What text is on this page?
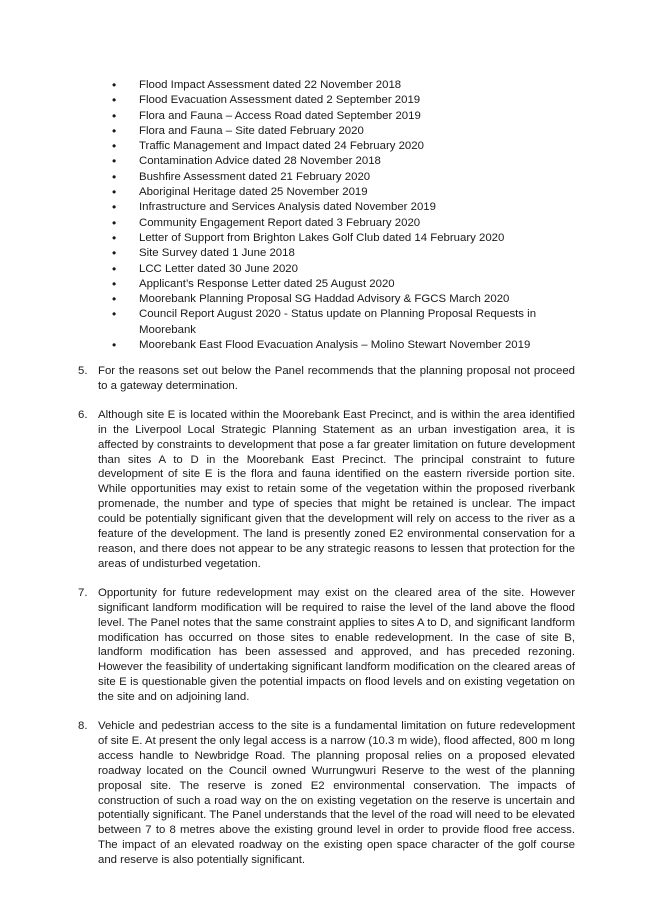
• Flood Impact Assessment dated 22 November 2018
• Flood Evacuation Assessment dated 2 September 2019
• Flora and Fauna – Access Road dated September 2019
• Flora and Fauna – Site dated February 2020
• Traffic Management and Impact dated 24 February 2020
• Contamination Advice dated 28 November 2018
• Bushfire Assessment dated 21 February 2020
• Aboriginal Heritage dated 25 November 2019
• Infrastructure and Services Analysis dated November 2019
• Community Engagement Report dated 3 February 2020
• Letter of Support from Brighton Lakes Golf Club dated 14 February 2020
• Site Survey dated 1 June 2018
• LCC Letter dated 30 June 2020
• Applicant’s Response Letter dated 25 August 2020
• Moorebank Planning Proposal SG Haddad Advisory & FGCS March 2020
• Council Report August 2020 - Status update on Planning Proposal Requests in Moorebank
• Moorebank East Flood Evacuation Analysis – Molino Stewart November 2019
5. For the reasons set out below the Panel recommends that the planning proposal not proceed to a gateway determination.
6. Although site E is located within the Moorebank East Precinct, and is within the area identified in the Liverpool Local Strategic Planning Statement as an urban investigation area, it is affected by constraints to development that pose a far greater limitation on future development than sites A to D in the Moorebank East Precinct. The principal constraint to future development of site E is the flora and fauna identified on the eastern riverside portion site. While opportunities may exist to retain some of the vegetation within the proposed riverbank promenade, the number and type of species that might be retained is unclear. The impact could be potentially significant given that the development will rely on access to the river as a feature of the development. The land is presently zoned E2 environmental conservation for a reason, and there does not appear to be any strategic reasons to lessen that protection for the areas of undisturbed vegetation.
7. Opportunity for future redevelopment may exist on the cleared area of the site. However significant landform modification will be required to raise the level of the land above the flood level. The Panel notes that the same constraint applies to sites A to D, and significant landform modification has occurred on those sites to enable redevelopment. In the case of site B, landform modification has been assessed and approved, and has preceded rezoning. However the feasibility of undertaking significant landform modification on the cleared areas of site E is questionable given the potential impacts on flood levels and on existing vegetation on the site and on adjoining land.
8. Vehicle and pedestrian access to the site is a fundamental limitation on future redevelopment of site E. At present the only legal access is a narrow (10.3 m wide), flood affected, 800 m long access handle to Newbridge Road. The planning proposal relies on a proposed elevated roadway located on the Council owned Wurrungwuri Reserve to the west of the planning proposal site. The reserve is zoned E2 environmental conservation. The impacts of construction of such a road way on the on existing vegetation on the reserve is uncertain and potentially significant. The Panel understands that the level of the road will need to be elevated between 7 to 8 metres above the existing ground level in order to provide flood free access. The impact of an elevated roadway on the existing open space character of the golf course and reserve is also potentially significant.
